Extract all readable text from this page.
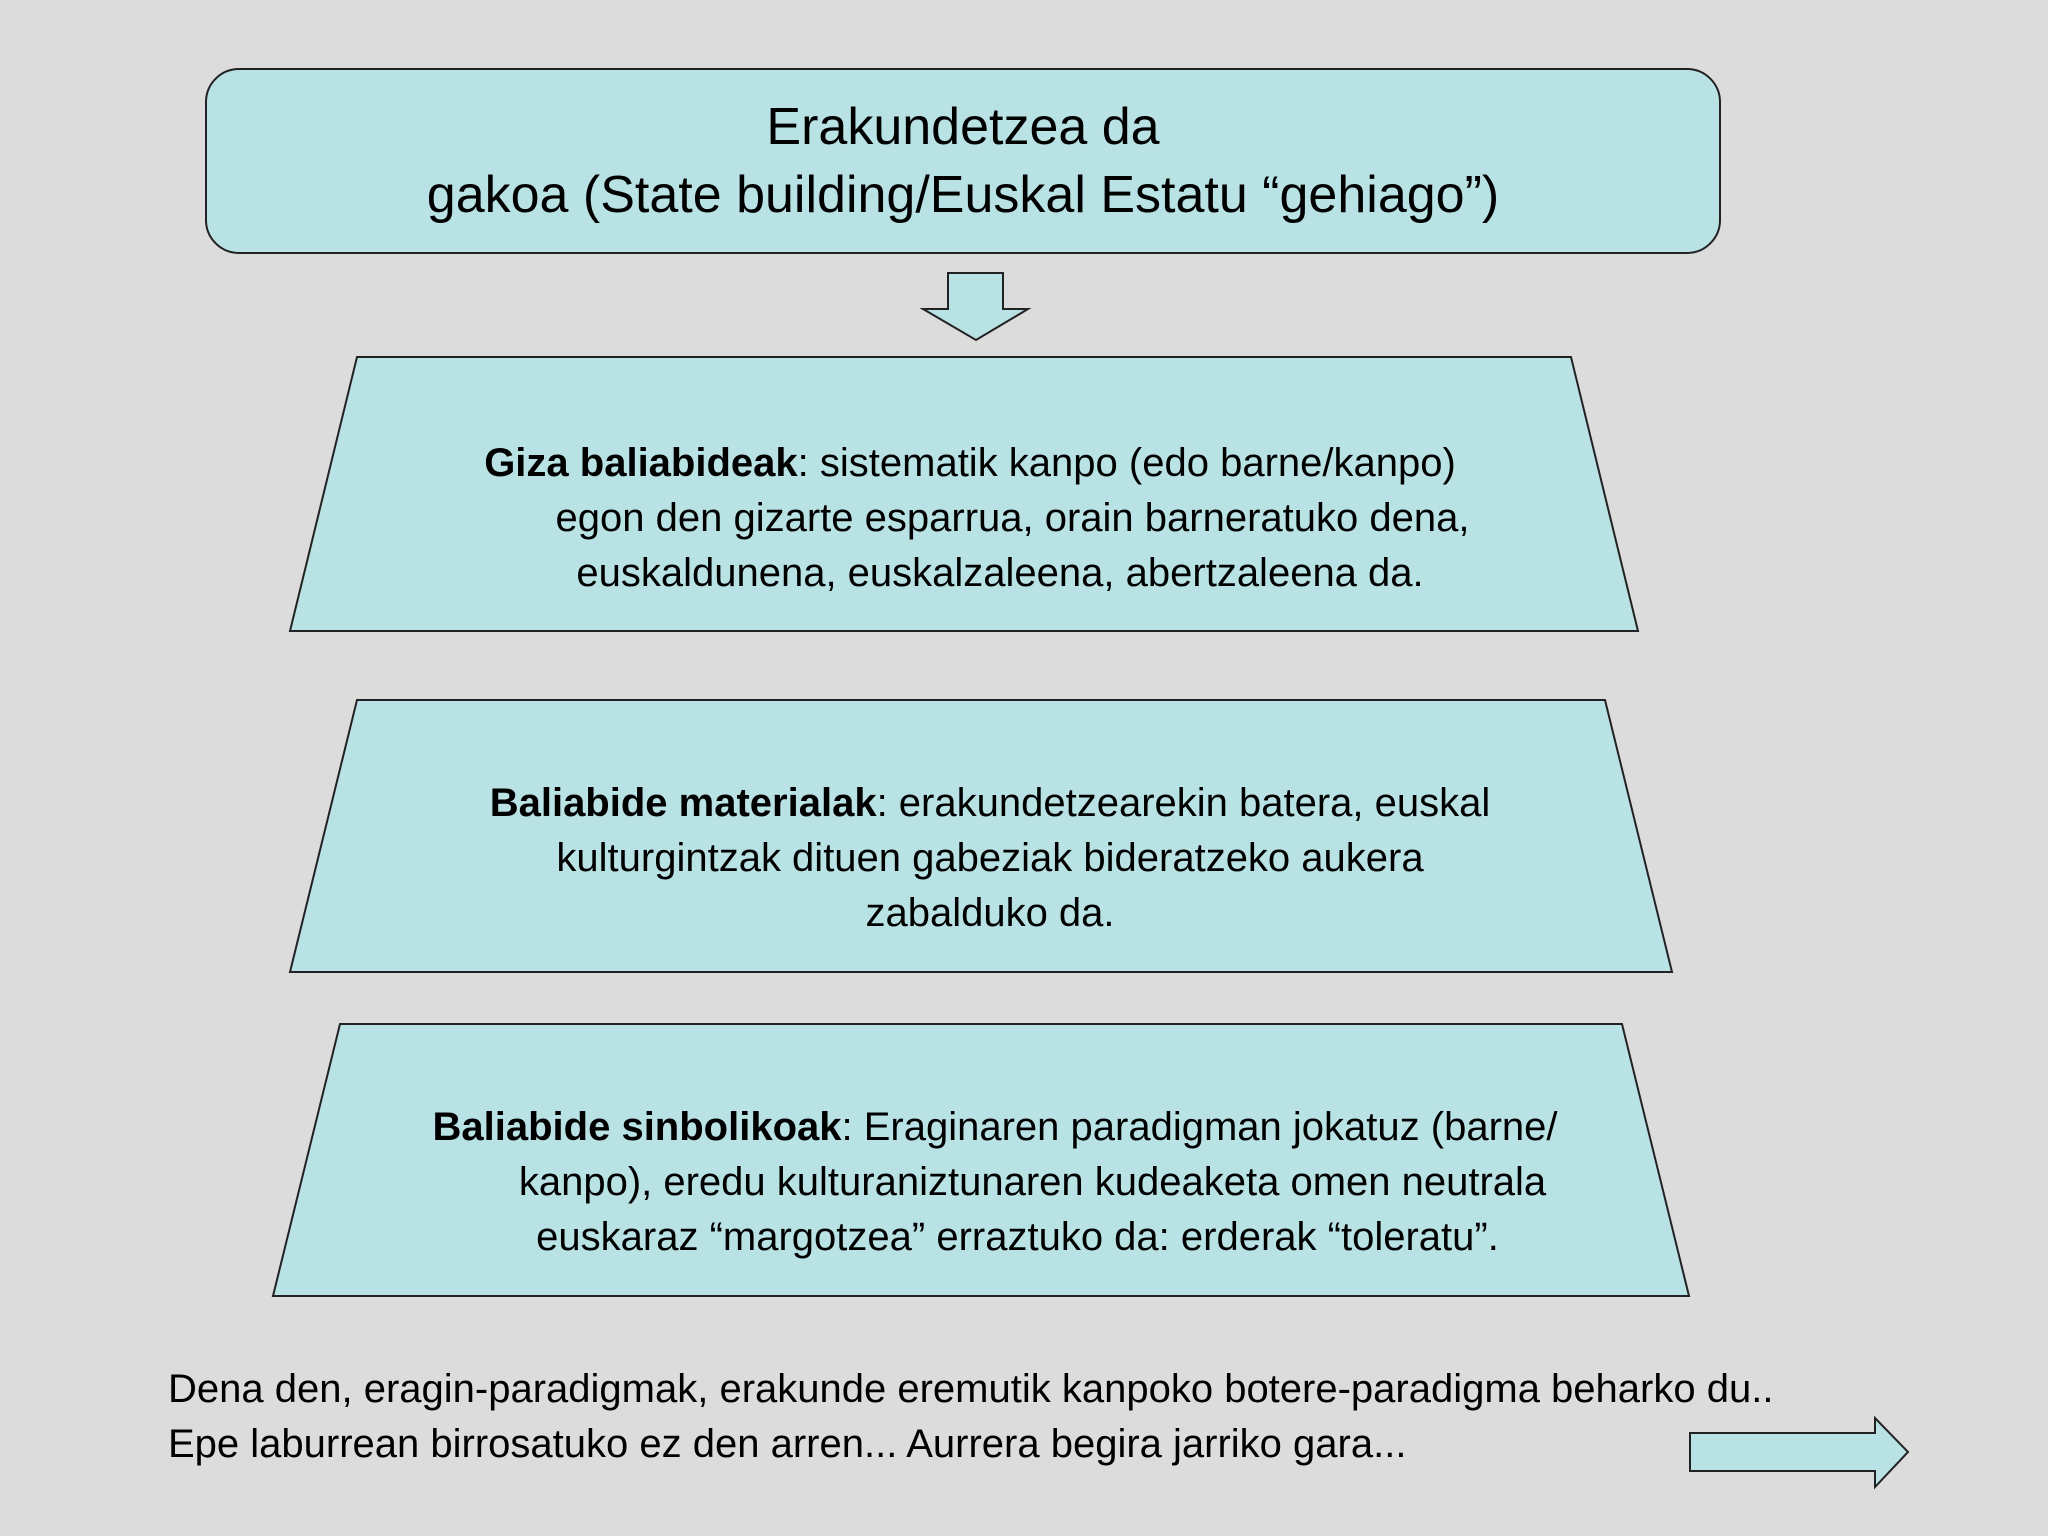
Erakundetzea da
gakoa (State building/Euskal Estatu “gehiago”)
Giza baliabideak: sistematik kanpo (edo barne/kanpo)
egon den gizarte esparrua, orain barneratuko dena,
euskaldunena, euskalzaleena, abertzaleena da.
Baliabide materialak: erakundetzearekin batera, euskal
kulturgintzak dituen gabeziak bideratzeko aukera
zabalduko da.
Baliabide sinbolikoak: Eraginaren paradigman jokatuz (barne/
kanpo), eredu kulturaniztunaren kudeaketa omen neutrala
euskaraz “margotzea” erraztuko da: erderak “toleratu”.
Dena den, eragin-paradigmak, erakunde eremutik kanpoko botere-paradigma beharko du..
Epe laburrean birrosatuko ez den arren... Aurrera begira jarriko gara...
